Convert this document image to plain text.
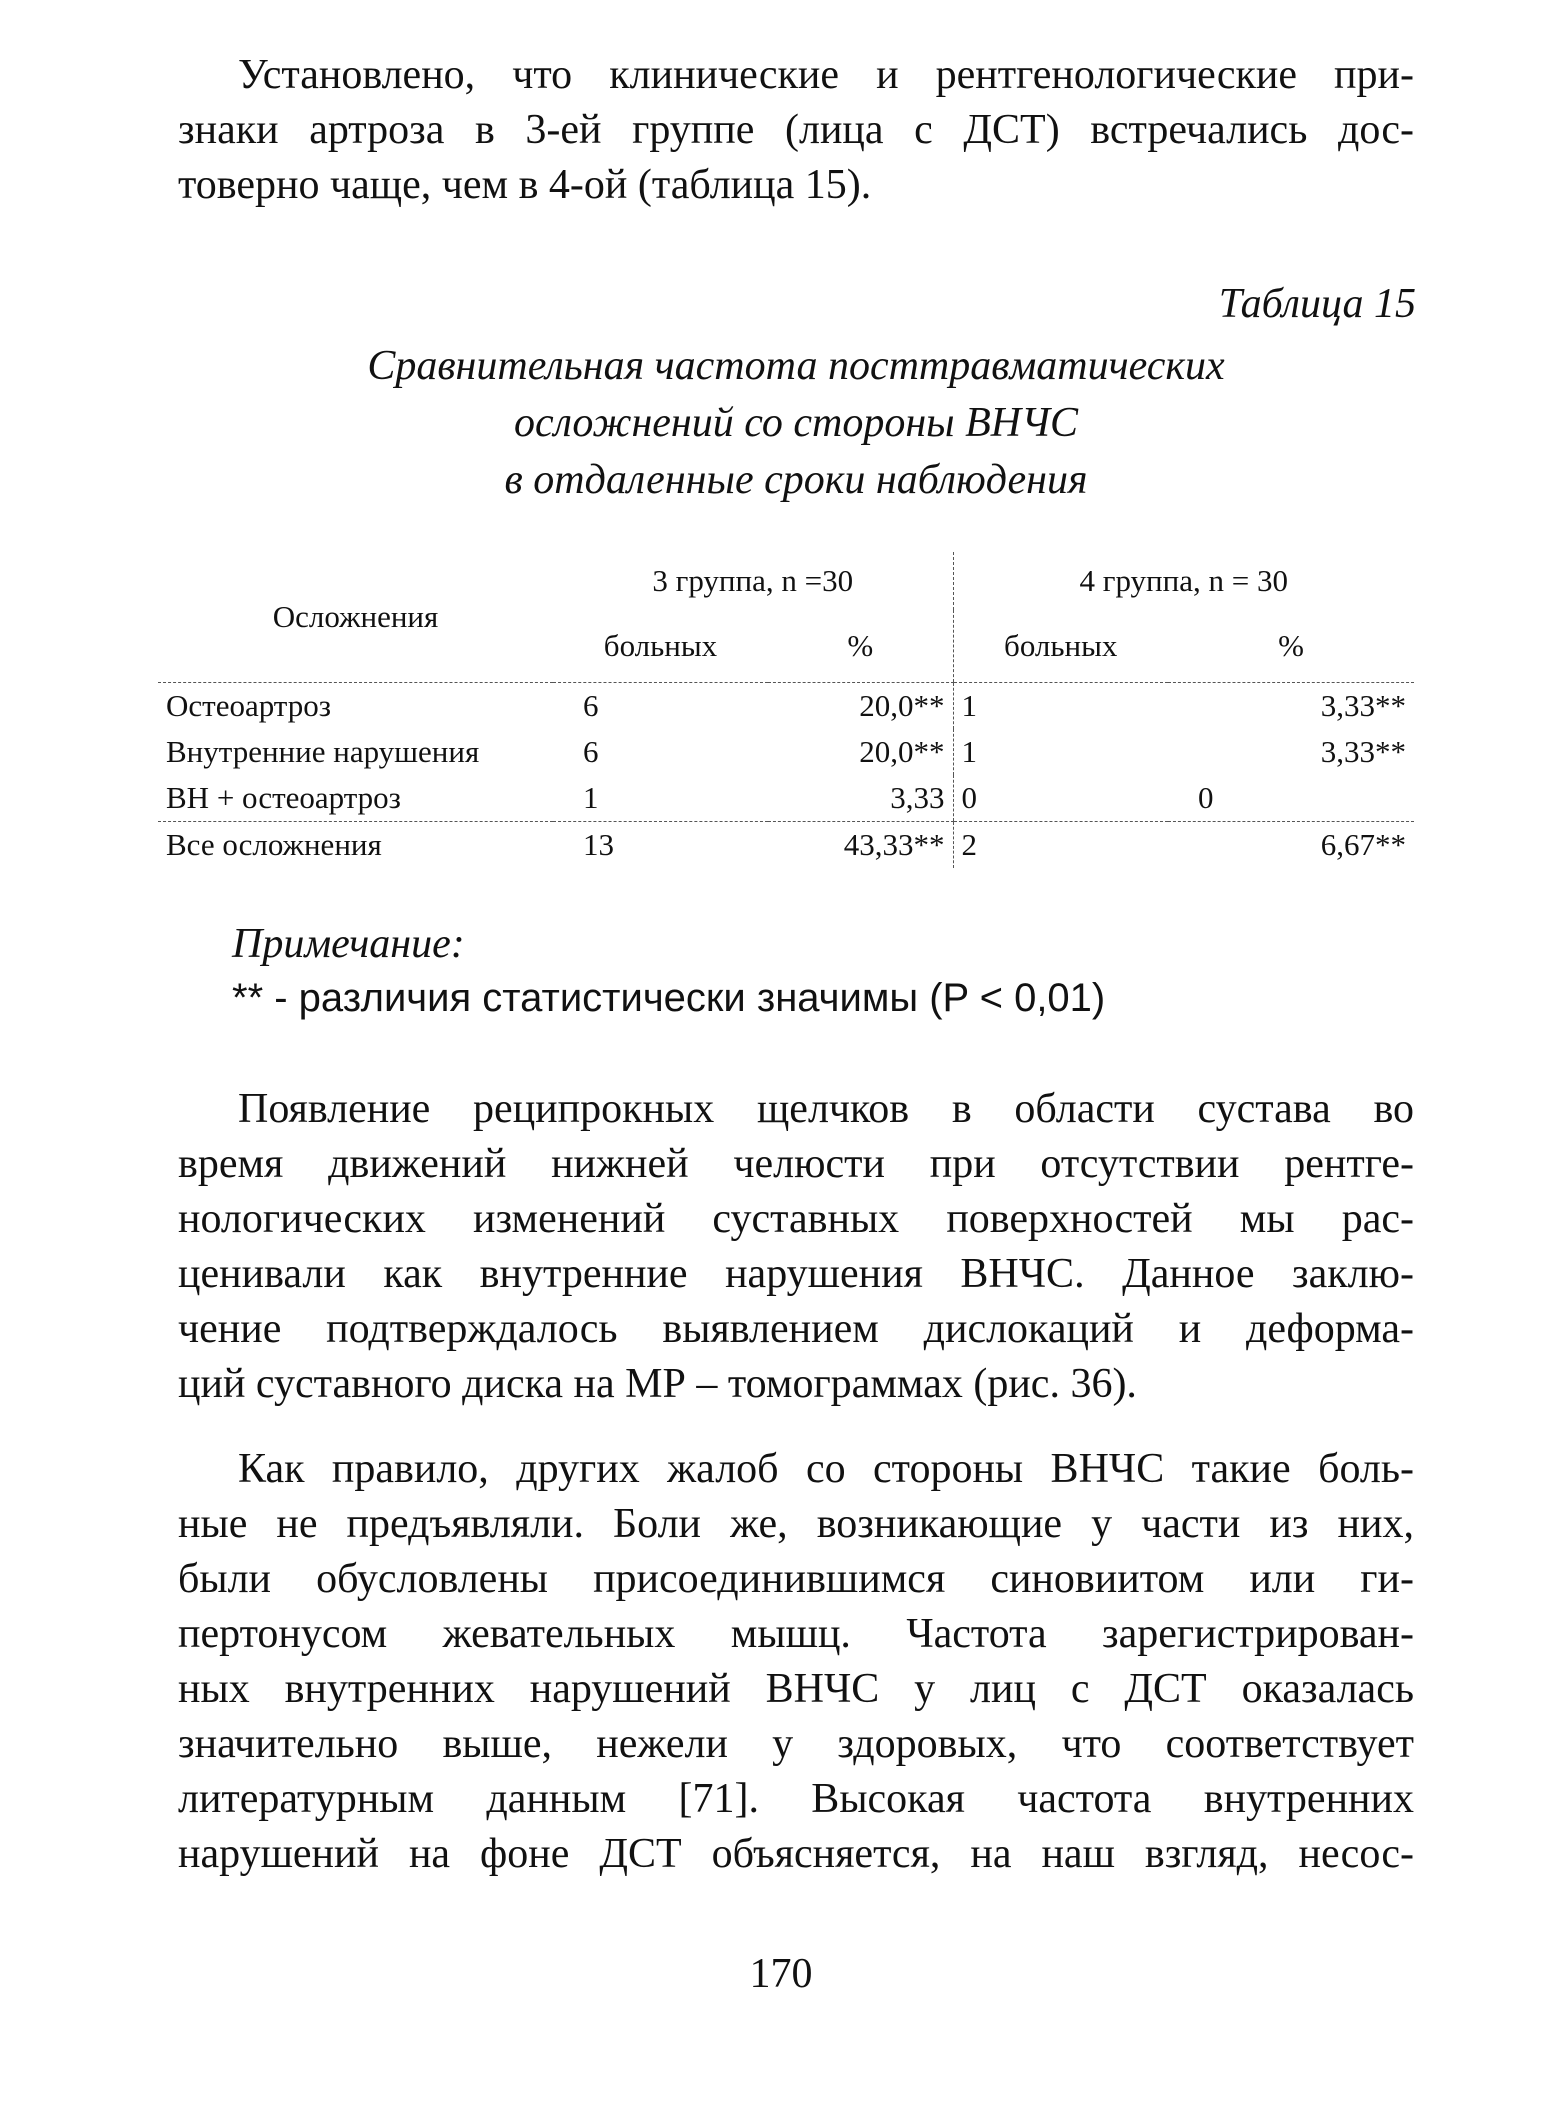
Установлено, что клинические и рентгенологические при-
знаки артроза в 3-ей группе (лица с ДСТ) встречались дос-
товерно чаще, чем в 4-ой (таблица 15).

Таблица 15

Сравнительная частота посттравматических
осложнений со стороны ВНЧС
в отдаленные сроки наблюдения
Осложнения	3 группа, n =30		4 группа, n = 30	
	больных	%	больных	%
Остеоартроз	6	20,0**	1	3,33**
Внутренние нарушения	6	20,0**	1	3,33**
ВН + остеоартроз	1	3,33	0	0
Все осложнения	13	43,33**	2	6,67**

Примечание:

** - различия статистически значимы (P < 0,01)

Появление реципрокных щелчков в области сустава во
время движений нижней челюсти при отсутствии рентге-
нологических изменений суставных поверхностей мы рас-
ценивали как внутренние нарушения ВНЧС. Данное заклю-
чение подтверждалось выявлением дислокаций и деформа-
ций суставного диска на МР – томограммах (рис. 36).
Как правило, других жалоб со стороны ВНЧС такие боль-
ные не предъявляли. Боли же, возникающие у части из них,
были обусловлены присоединившимся синовиитом или ги-
пертонусом жевательных мышц. Частота зарегистрирован-
ных внутренних нарушений ВНЧС у лиц с ДСТ оказалась
значительно выше, нежели у здоровых, что соответствует
литературным данным [71]. Высокая частота внутренних
нарушений на фоне ДСТ объясняется, на наш взгляд, несос-

170
